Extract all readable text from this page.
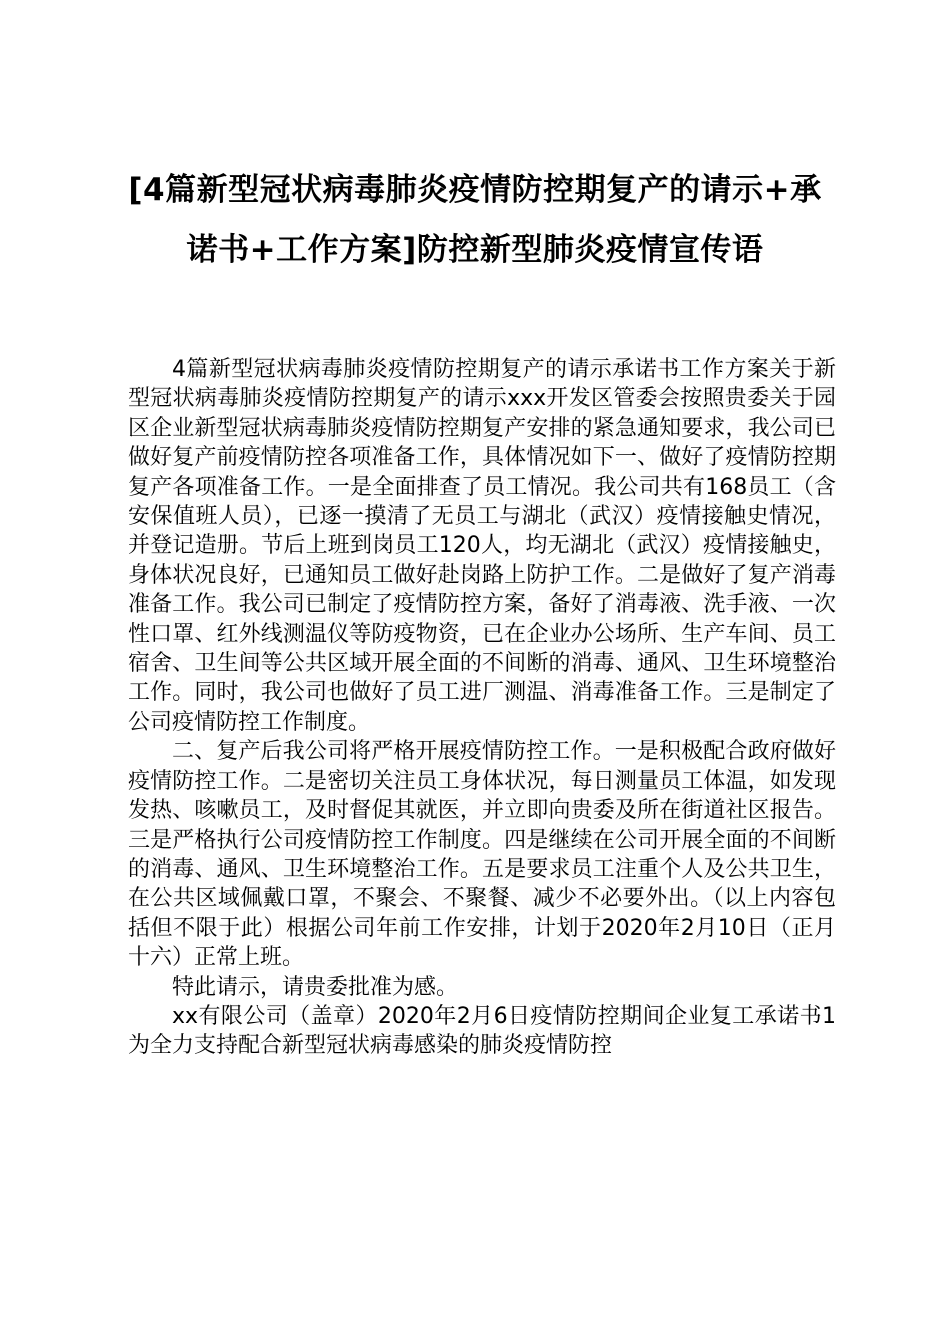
[4篇新型冠状病毒肺炎疫情防控期复产的请示+承诺书+工作方案]防控新型肺炎疫情宣传语

4篇新型冠状病毒肺炎疫情防控期复产的请示承诺书工作方案关于新型冠状病毒肺炎疫情防控期复产的请示xxx开发区管委会按照贵委关于园区企业新型冠状病毒肺炎疫情防控期复产安排的紧急通知要求，我公司已做好复产前疫情防控各项准备工作，具体情况如下一、做好了疫情防控期复产各项准备工作。一是全面排查了员工情况。我公司共有168员工（含安保值班人员），已逐一摸清了无员工与湖北（武汉）疫情接触史情况，并登记造册。节后上班到岗员工120人，均无湖北（武汉）疫情接触史，身体状况良好，已通知员工做好赴岗路上防护工作。二是做好了复产消毒准备工作。我公司已制定了疫情防控方案，备好了消毒液、洗手液、一次性口罩、红外线测温仪等防疫物资，已在企业办公场所、生产车间、员工宿舍、卫生间等公共区域开展全面的不间断的消毒、通风、卫生环境整治工作。同时，我公司也做好了员工进厂测温、消毒准备工作。三是制定了公司疫情防控工作制度。

二、复产后我公司将严格开展疫情防控工作。一是积极配合政府做好疫情防控工作。二是密切关注员工身体状况，每日测量员工体温，如发现发热、咳嗽员工，及时督促其就医，并立即向贵委及所在街道社区报告。三是严格执行公司疫情防控工作制度。四是继续在公司开展全面的不间断的消毒、通风、卫生环境整治工作。五是要求员工注重个人及公共卫生，在公共区域佩戴口罩，不聚会、不聚餐、减少不必要外出。（以上内容包括但不限于此）根据公司年前工作安排，计划于2020年2月10日（正月十六）正常上班。

特此请示，请贵委批准为感。

xx有限公司（盖章）2020年2月6日疫情防控期间企业复工承诺书1为全力支持配合新型冠状病毒感染的肺炎疫情防控
